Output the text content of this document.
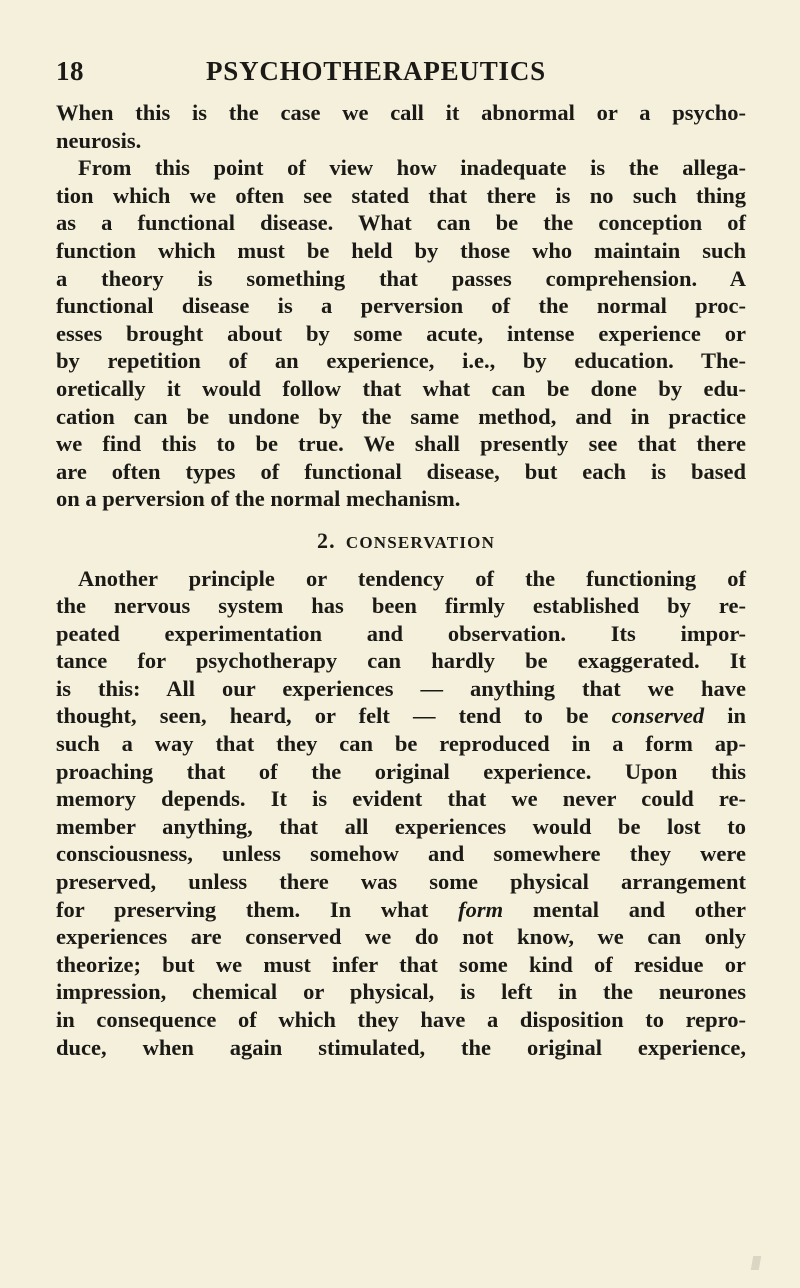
18	PSYCHOTHERAPEUTICS
When this is the case we call it abnormal or a psycho-
neurosis.
From this point of view how inadequate is the allega-
tion which we often see stated that there is no such thing
as a functional disease. What can be the conception of
function which must be held by those who maintain such
a theory is something that passes comprehension. A
functional disease is a perversion of the normal proc-
esses brought about by some acute, intense experience or
by repetition of an experience, i.e., by education. The-
oretically it would follow that what can be done by edu-
cation can be undone by the same method, and in practice
we find this to be true. We shall presently see that there
are often types of functional disease, but each is based
on a perversion of the normal mechanism.
2. CONSERVATION
Another principle or tendency of the functioning of
the nervous system has been firmly established by re-
peated experimentation and observation. Its impor-
tance for psychotherapy can hardly be exaggerated. It
is this: All our experiences — anything that we have
thought, seen, heard, or felt — tend to be conserved in
such a way that they can be reproduced in a form ap-
proaching that of the original experience. Upon this
memory depends. It is evident that we never could re-
member anything, that all experiences would be lost to
consciousness, unless somehow and somewhere they were
preserved, unless there was some physical arrangement
for preserving them. In what form mental and other
experiences are conserved we do not know, we can only
theorize; but we must infer that some kind of residue or
impression, chemical or physical, is left in the neurones
in consequence of which they have a disposition to repro-
duce, when again stimulated, the original experience,
